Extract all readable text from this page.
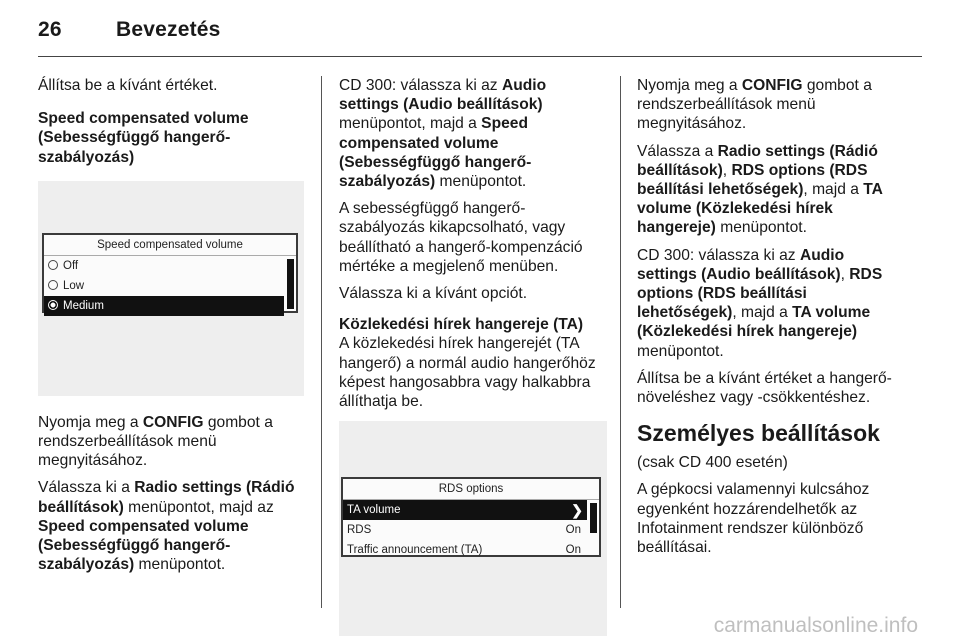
26	Bevezetés

Állítsa be a kívánt értéket.

Speed compensated volume (Sebességfüggő hangerő-szabályozás)

Speed compensated volume
Off
Low
Medium

Nyomja meg a CONFIG gombot a rendszerbeállítások menü megnyitásához.

Válassza ki a Radio settings (Rádió beállítások) menüpontot, majd az Speed compensated volume (Sebességfüggő hangerő-szabályozás) menüpontot.

CD 300: válassza ki az Audio settings (Audio beállítások) menüpontot, majd a Speed compensated volume (Sebességfüggő hangerő-szabályozás) menüpontot.

A sebességfüggő hangerő-szabályozás kikapcsolható, vagy beállítható a hangerő-kompenzáció mértéke a megjelenő menüben.

Válassza ki a kívánt opciót.

Közlekedési hírek hangereje (TA)

A közlekedési hírek hangerejét (TA hangerő) a normál audio hangerőhöz képest hangosabbra vagy halkabbra állíthatja be.

RDS options
TA volume	❯
RDS	On
Traffic announcement (TA)	On

Nyomja meg a CONFIG gombot a rendszerbeállítások menü megnyitásához.

Válassza a Radio settings (Rádió beállítások), RDS options (RDS beállítási lehetőségek), majd a TA volume (Közlekedési hírek hangereje) menüpontot.

CD 300: válassza ki az Audio settings (Audio beállítások), RDS options (RDS beállítási lehetőségek), majd a TA volume (Közlekedési hírek hangereje) menüpontot.

Állítsa be a kívánt értéket a hangerő-növeléshez vagy -csökkentéshez.

Személyes beállítások

(csak CD 400 esetén)

A gépkocsi valamennyi kulcsához egyenként hozzárendelhetők az Infotainment rendszer különböző beállításai.

carmanualsonline.info
